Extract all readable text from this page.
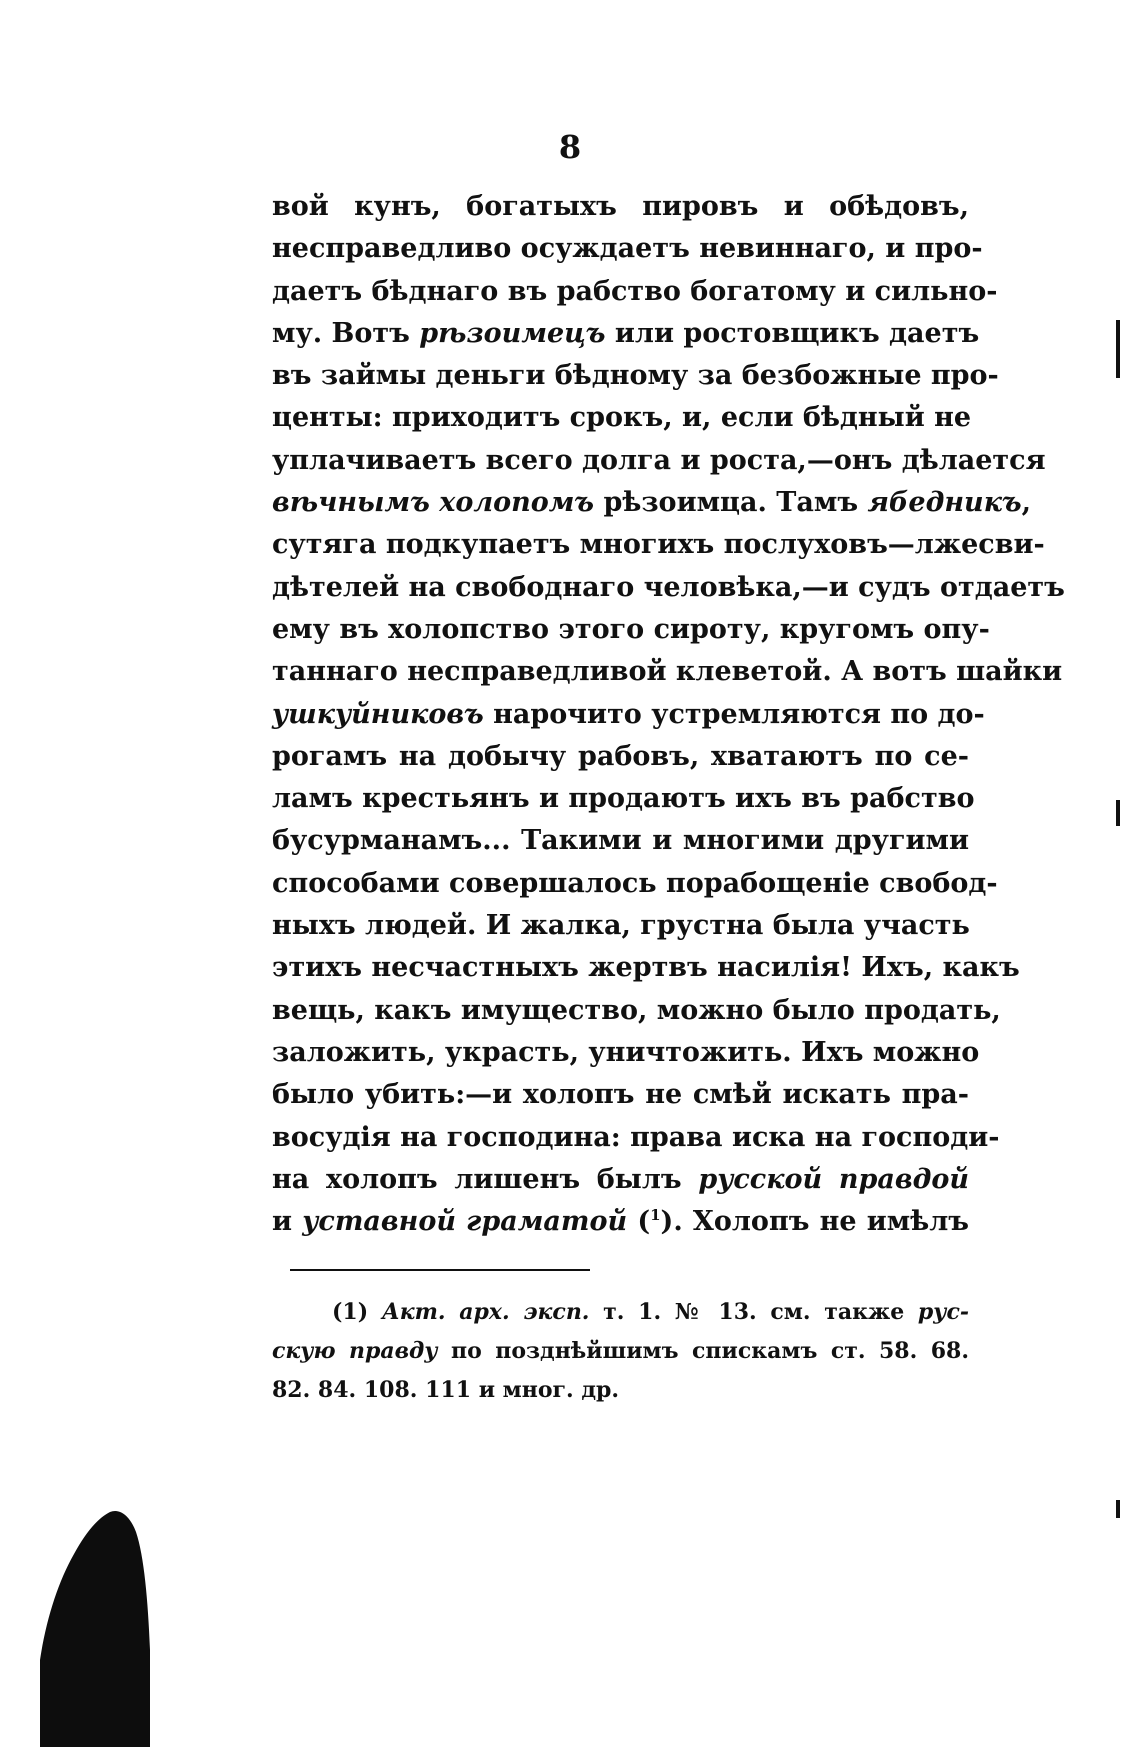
8
вой кунъ, богатыхъ пировъ и обѣдовъ,
несправедливо осуждаетъ невиннаго, и про-
даетъ бѣднаго въ рабство богатому и сильно-
му. Вотъ рѣзоимецъ или ростовщикъ даетъ
въ займы деньги бѣдному за безбожные про-
центы: приходитъ срокъ, и, если бѣдный не
уплачиваетъ всего долга и роста,—онъ дѣлается
вѣчнымъ холопомъ рѣзоимца. Тамъ ябедникъ,
сутяга подкупаетъ многихъ послуховъ—лжесви-
дѣтелей на свободнаго человѣка,—и судъ отдаетъ
ему въ холопство этого сироту, кругомъ опу-
таннаго несправедливой клеветой. А вотъ шайки
ушкуйниковъ нарочито устремляются по до-
рогамъ на добычу рабовъ, хватаютъ по се-
ламъ крестьянъ и продаютъ ихъ въ рабство
бусурманамъ... Такими и многими другими
способами совершалось порабощеніе свобод-
ныхъ людей. И жалка, грустна была участь
этихъ несчастныхъ жертвъ насилія! Ихъ, какъ
вещь, какъ имущество, можно было продать,
заложить, украсть, уничтожить. Ихъ можно
было убить:—и холопъ не смѣй искать пра-
восудія на господина: права иска на господи-
на холопъ лишенъ былъ русской правдой
и уставной граматой ($^1$). Холопъ не имѣлъ
(1) Акт. арх. эксп. т. 1. № 13. см. также рус-
скую правду по позднѣйшимъ спискамъ ст. 58. 68.
82. 84. 108. 111 и мног. др.
